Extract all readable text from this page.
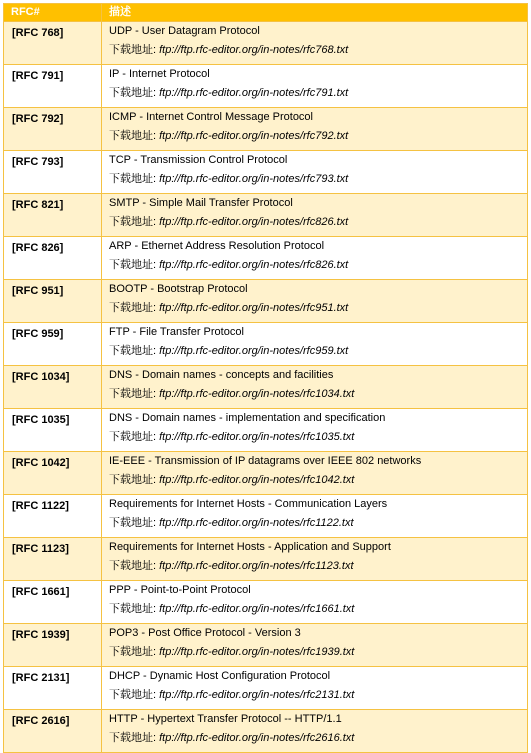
RFC#	描述
[RFC 768]	UDP - User Datagram Protocol
下载地址: ftp://ftp.rfc-editor.org/in-notes/rfc768.txt

[RFC 791]	IP - Internet Protocol
下载地址: ftp://ftp.rfc-editor.org/in-notes/rfc791.txt

[RFC 792]	ICMP - Internet Control Message Protocol
下载地址: ftp://ftp.rfc-editor.org/in-notes/rfc792.txt

[RFC 793]	TCP - Transmission Control Protocol
下载地址: ftp://ftp.rfc-editor.org/in-notes/rfc793.txt

[RFC 821]	SMTP - Simple Mail Transfer Protocol
下载地址: ftp://ftp.rfc-editor.org/in-notes/rfc826.txt

[RFC 826]	ARP - Ethernet Address Resolution Protocol
下载地址: ftp://ftp.rfc-editor.org/in-notes/rfc826.txt

[RFC 951]	BOOTP - Bootstrap Protocol
下载地址: ftp://ftp.rfc-editor.org/in-notes/rfc951.txt

[RFC 959]	FTP - File Transfer Protocol
下载地址: ftp://ftp.rfc-editor.org/in-notes/rfc959.txt

[RFC 1034]	DNS - Domain names - concepts and facilities
下载地址: ftp://ftp.rfc-editor.org/in-notes/rfc1034.txt

[RFC 1035]	DNS - Domain names - implementation and specification
下载地址: ftp://ftp.rfc-editor.org/in-notes/rfc1035.txt

[RFC 1042]	IE-EEE - Transmission of IP datagrams over IEEE 802 networks
下载地址: ftp://ftp.rfc-editor.org/in-notes/rfc1042.txt

[RFC 1122]	Requirements for Internet Hosts - Communication Layers
下载地址: ftp://ftp.rfc-editor.org/in-notes/rfc1122.txt

[RFC 1123]	Requirements for Internet Hosts - Application and Support
下载地址: ftp://ftp.rfc-editor.org/in-notes/rfc1123.txt

[RFC 1661]	PPP - Point-to-Point Protocol
下载地址: ftp://ftp.rfc-editor.org/in-notes/rfc1661.txt

[RFC 1939]	POP3 - Post Office Protocol - Version 3
下载地址: ftp://ftp.rfc-editor.org/in-notes/rfc1939.txt

[RFC 2131]	DHCP - Dynamic Host Configuration Protocol
下载地址: ftp://ftp.rfc-editor.org/in-notes/rfc2131.txt

[RFC 2616]	HTTP - Hypertext Transfer Protocol -- HTTP/1.1
下载地址: ftp://ftp.rfc-editor.org/in-notes/rfc2616.txt
